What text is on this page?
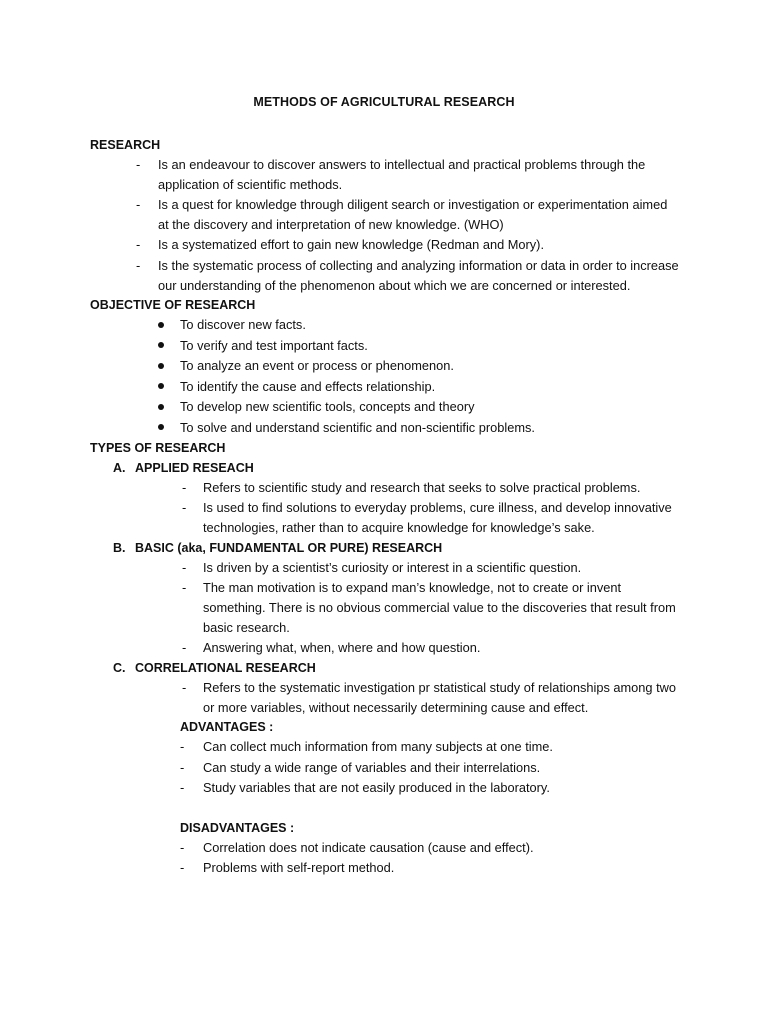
METHODS OF AGRICULTURAL RESEARCH
RESEARCH
- Is an endeavour to discover answers to intellectual and practical problems through the
application of scientific methods.
- Is a quest for knowledge through diligent search or investigation or experimentation aimed
at the discovery and interpretation of new knowledge. (WHO)
- Is a systematized effort to gain new knowledge (Redman and Mory).
- Is the systematic process of collecting and analyzing information or data in order to increase
our understanding of the phenomenon about which we are concerned or interested.
OBJECTIVE OF RESEARCH
To discover new facts.
To verify and test important facts.
To analyze an event or process or phenomenon.
To identify the cause and effects relationship.
To develop new scientific tools, concepts and theory
To solve and understand scientific and non-scientific problems.
TYPES OF RESEARCH
A. APPLIED RESEACH
- Refers to scientific study and research that seeks to solve practical problems.
- Is used to find solutions to everyday problems, cure illness, and develop innovative
technologies, rather than to acquire knowledge for knowledge’s sake.
B. BASIC (aka, FUNDAMENTAL OR PURE) RESEARCH
- Is driven by a scientist’s curiosity or interest in a scientific question.
- The man motivation is to expand man’s knowledge, not to create or invent
something. There is no obvious commercial value to the discoveries that result from
basic research.
- Answering what, when, where and how question.
C. CORRELATIONAL RESEARCH
- Refers to the systematic investigation pr statistical study of relationships among two
or more variables, without necessarily determining cause and effect.
ADVANTAGES :
- Can collect much information from many subjects at one time.
- Can study a wide range of variables and their interrelations.
- Study variables that are not easily produced in the laboratory.
DISADVANTAGES :
- Correlation does not indicate causation (cause and effect).
- Problems with self-report method.
